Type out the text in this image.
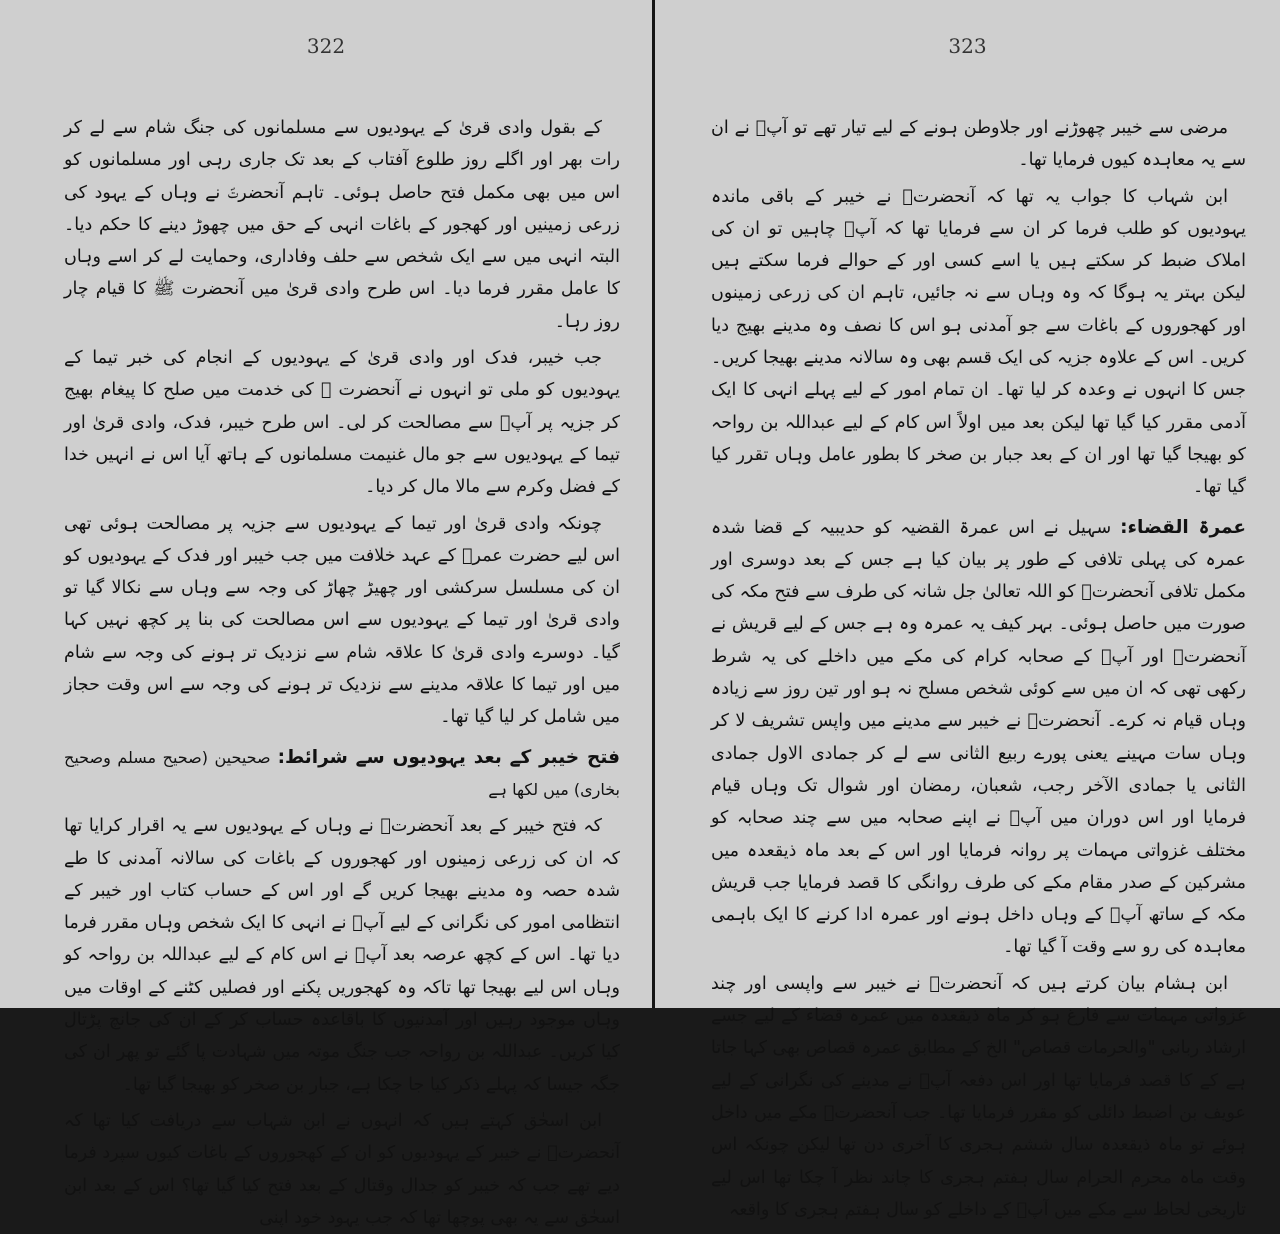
322

کے بقول وادی قریٰ کے یہودیوں سے مسلمانوں کی جنگ شام سے لے کر رات بھر اور اگلے روز طلوع آفتاب کے بعد تک جاری رہی اور مسلمانوں کو اس میں بھی مکمل فتح حاصل ہوئی۔ تاہم آنحضرتؐ نے وہاں کے یہود کی زرعی زمینیں اور کھجور کے باغات انہی کے حق میں چھوڑ دینے کا حکم دیا۔ البتہ انہی میں سے ایک شخص سے حلف وفاداری، وحمایت لے کر اسے وہاں کا عامل مقرر فرما دیا۔ اس طرح وادی قریٰ میں آنحضرت ﷺ کا قیام چار روز رہا۔

جب خیبر، فدک اور وادی قریٰ کے یہودیوں کے انجام کی خبر تیما کے یہودیوں کو ملی تو انہوں نے آنحضرت ﷺ کی خدمت میں صلح کا پیغام بھیج کر جزیہ پر آپؐ سے مصالحت کر لی۔ اس طرح خیبر، فدک، وادی قریٰ اور تیما کے یہودیوں سے جو مال غنیمت مسلمانوں کے ہاتھ آیا اس نے انہیں خدا کے فضل وکرم سے مالا مال کر دیا۔

چونکہ وادی قریٰ اور تیما کے یہودیوں سے جزیہ پر مصالحت ہوئی تھی اس لیے حضرت عمرؓ کے عہد خلافت میں جب خیبر اور فدک کے یہودیوں کو ان کی مسلسل سرکشی اور چھیڑ چھاڑ کی وجہ سے وہاں سے نکالا گیا تو وادی قریٰ اور تیما کے یہودیوں سے اس مصالحت کی بنا پر کچھ نہیں کہا گیا۔ دوسرے وادی قریٰ کا علاقہ شام سے نزدیک تر ہونے کی وجہ سے شام میں اور تیما کا علاقہ مدینے سے نزدیک تر ہونے کی وجہ سے اس وقت حجاز میں شامل کر لیا گیا تھا۔

فتح خیبر کے بعد یہودیوں سے شرائط: صحیحین (صحیح مسلم وصحیح بخاری) میں لکھا ہے

کہ فتح خیبر کے بعد آنحضرتؐ نے وہاں کے یہودیوں سے یہ اقرار کرایا تھا کہ ان کی زرعی زمینوں اور کھجوروں کے باغات کی سالانہ آمدنی کا طے شدہ حصہ وہ مدینے بھیجا کریں گے اور اس کے حساب کتاب اور خیبر کے انتظامی امور کی نگرانی کے لیے آپؐ نے انہی کا ایک شخص وہاں مقرر فرما دیا تھا۔ اس کے کچھ عرصہ بعد آپؐ نے اس کام کے لیے عبداللہ بن رواحہ کو وہاں اس لیے بھیجا تھا تاکہ وہ کھجوریں پکنے اور فصلیں کٹنے کے اوقات میں وہاں موجود رہیں اور آمدنیوں کا باقاعدہ حساب کر کے ان کی جانچ پڑتال کیا کریں۔ عبداللہ بن رواحہ جب جنگ موتہ میں شہادت پا گئے تو پھر ان کی جگہ جیسا کہ پہلے ذکر کیا جا چکا ہے، جبار بن صخر کو بھیجا گیا تھا۔

ابن اسحٰق کہتے ہیں کہ انہوں نے ابن شہاب سے دریافت کیا تھا کہ آنحضرتؐ نے خیبر کے یہودیوں کو ان کے کھجوروں کے باغات کیوں سپرد فرما دیے تھے جب کہ خیبر کو جدال وقتال کے بعد فتح کیا گیا تھا؟ اس کے بعد ابن اسحٰق سے یہ بھی پوچھا تھا کہ جب یہود خود اپنی

323

مرضی سے خیبر چھوڑنے اور جلاوطن ہونے کے لیے تیار تھے تو آپؐ نے ان سے یہ معاہدہ کیوں فرمایا تھا۔

ابن شہاب کا جواب یہ تھا کہ آنحضرتؐ نے خیبر کے باقی ماندہ یہودیوں کو طلب فرما کر ان سے فرمایا تھا کہ آپؐ چاہیں تو ان کی املاک ضبط کر سکتے ہیں یا اسے کسی اور کے حوالے فرما سکتے ہیں لیکن بہتر یہ ہوگا کہ وہ وہاں سے نہ جائیں، تاہم ان کی زرعی زمینوں اور کھجوروں کے باغات سے جو آمدنی ہو اس کا نصف وہ مدینے بھیج دیا کریں۔ اس کے علاوہ جزیہ کی ایک قسم بھی وہ سالانہ مدینے بھیجا کریں۔ جس کا انہوں نے وعدہ کر لیا تھا۔ ان تمام امور کے لیے پہلے انہی کا ایک آدمی مقرر کیا گیا تھا لیکن بعد میں اولاً اس کام کے لیے عبداللہ بن رواحہ کو بھیجا گیا تھا اور ان کے بعد جبار بن صخر کا بطور عامل وہاں تقرر کیا گیا تھا۔

عمرۃ القضاء: سہیل نے اس عمرۃ القضیہ کو حدیبیہ کے قضا شدہ عمرہ کی پہلی تلافی کے طور پر بیان کیا ہے جس کے بعد دوسری اور مکمل تلافی آنحضرتؐ کو اللہ تعالیٰ جل شانہ کی طرف سے فتح مکہ کی صورت میں حاصل ہوئی۔ بہر کیف یہ عمرہ وہ ہے جس کے لیے قریش نے آنحضرتؐ اور آپؐ کے صحابہ کرام کی مکے میں داخلے کی یہ شرط رکھی تھی کہ ان میں سے کوئی شخص مسلح نہ ہو اور تین روز سے زیادہ وہاں قیام نہ کرے۔ آنحضرتؐ نے خیبر سے مدینے میں واپس تشریف لا کر وہاں سات مہینے یعنی پورے ربیع الثانی سے لے کر جمادی الاول جمادی الثانی یا جمادی الآخر رجب، شعبان، رمضان اور شوال تک وہاں قیام فرمایا اور اس دوران میں آپؐ نے اپنے صحابہ میں سے چند صحابہ کو مختلف غزواتی مہمات پر روانہ فرمایا اور اس کے بعد ماہ ذیقعدہ میں مشرکین کے صدر مقام مکے کی طرف روانگی کا قصد فرمایا جب قریش مکہ کے ساتھ آپؐ کے وہاں داخل ہونے اور عمرہ ادا کرنے کا ایک باہمی معاہدہ کی رو سے وقت آ گیا تھا۔

ابن ہشام بیان کرتے ہیں کہ آنحضرتؐ نے خیبر سے واپسی اور چند غزواتی مہمات سے فارغ ہو کر ماہ ذیقعدہ میں عمرہ قضاء کے لیے جسے ارشاد ربانی "والحرمات قصاص" الخ کے مطابق عمرہ قصاص بھی کہا جاتا ہے کے کا قصد فرمایا تھا اور اس دفعہ آپؐ نے مدینے کی نگرانی کے لیے عویف بن اضبط دائلی کو مقرر فرمایا تھا۔ جب آنحضرتؐ مکے میں داخل ہوئے تو ماہ ذیقعدہ سال ششم ہجری کا آخری دن تھا لیکن چونکہ اس وقت ماہ محرم الحرام سال ہفتم ہجری کا چاند نظر آ چکا تھا اس لیے تاریخی لحاظ سے مکے میں آپؐ کے داخلے کو سال ہفتم ہجری کا واقعہ
